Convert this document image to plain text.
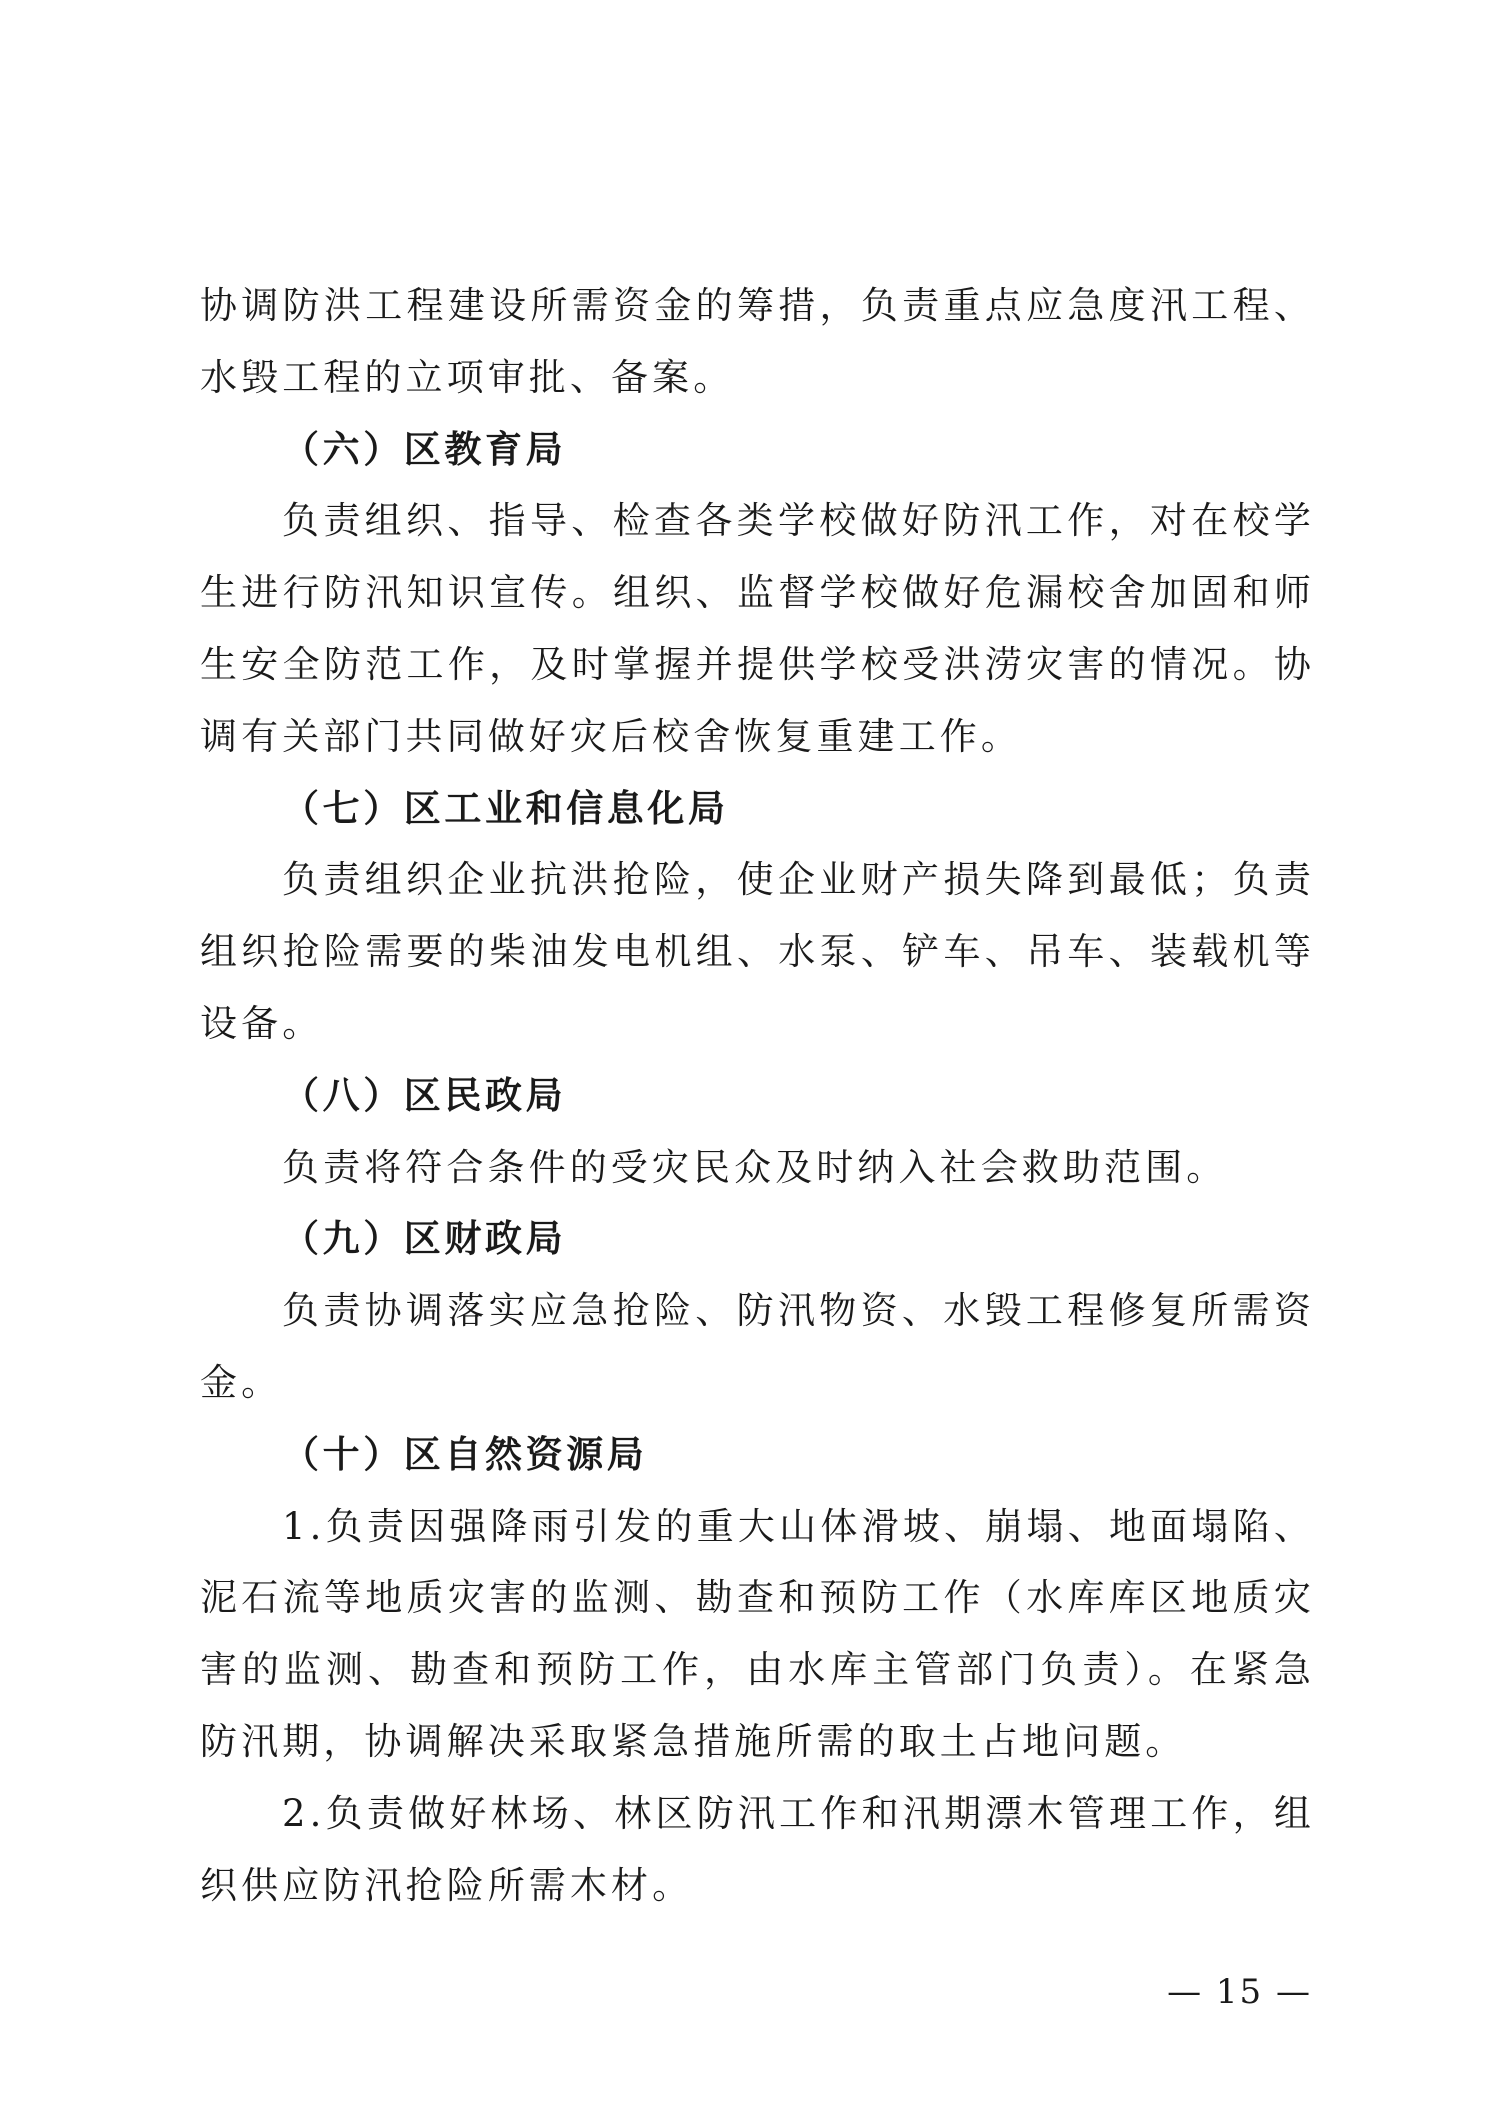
协调防洪工程建设所需资金的筹措，负责重点应急度汛工程、水毁工程的立项审批、备案。

（六）区教育局

负责组织、指导、检查各类学校做好防汛工作，对在校学生进行防汛知识宣传。组织、监督学校做好危漏校舍加固和师生安全防范工作，及时掌握并提供学校受洪涝灾害的情况。协调有关部门共同做好灾后校舍恢复重建工作。

（七）区工业和信息化局

负责组织企业抗洪抢险，使企业财产损失降到最低；负责组织抢险需要的柴油发电机组、水泵、铲车、吊车、装载机等设备。

（八）区民政局

负责将符合条件的受灾民众及时纳入社会救助范围。

（九）区财政局

负责协调落实应急抢险、防汛物资、水毁工程修复所需资金。

（十）区自然资源局

1.负责因强降雨引发的重大山体滑坡、崩塌、地面塌陷、泥石流等地质灾害的监测、勘查和预防工作（水库库区地质灾害的监测、勘查和预防工作，由水库主管部门负责）。在紧急防汛期，协调解决采取紧急措施所需的取土占地问题。

2.负责做好林场、林区防汛工作和汛期漂木管理工作，组织供应防汛抢险所需木材。

— 15 —
